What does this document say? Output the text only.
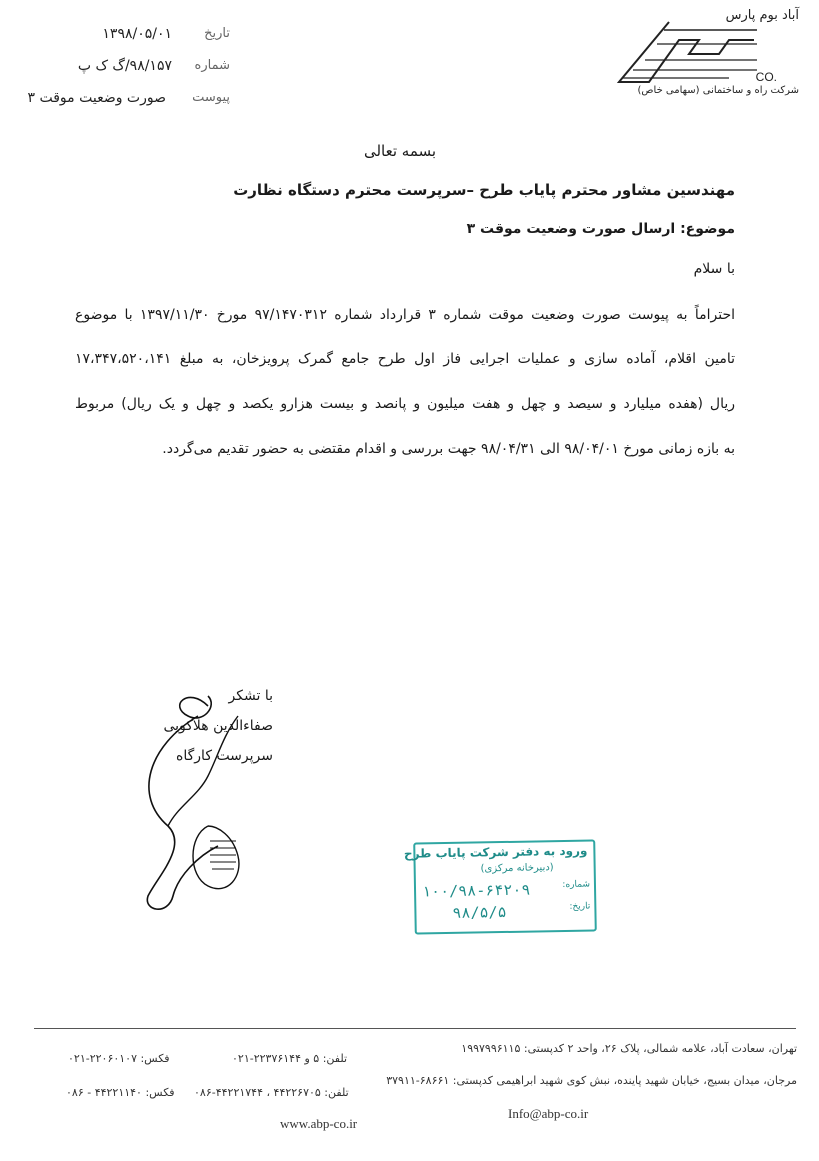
تاریخ
۱۳۹۸/۰۵/۰۱
شماره
۹۸/۱۵۷/گ ک پ
پیوست
صورت وضعیت موقت ۳
آباد بوم پارس
CO.
شرکت راه و ساختمانی (سهامی خاص)
بسمه تعالی
مهندسین مشاور محترم پایاب طرح –سرپرست محترم دستگاه نظارت
موضوع: ارسال صورت وضعیت موقت ۳
با سلام
احتراماً به پیوست صورت وضعیت موقت شماره ۳ قرارداد شماره ۹۷/۱۴۷۰۳۱۲ مورخ ۱۳۹۷/۱۱/۳۰ با موضوع
تامین اقلام، آماده سازی و عملیات اجرایی فاز اول طرح جامع گمرک پرویزخان، به مبلغ ۱۷،۳۴۷،۵۲۰،۱۴۱
ریال (هفده میلیارد و سیصد و چهل و هفت میلیون و پانصد و بیست هزارو یکصد و چهل و یک ریال) مربوط
به بازه زمانی مورخ ۹۸/۰۴/۰۱ الی ۹۸/۰۴/۳۱ جهت بررسی و اقدام مقتضی به حضور تقدیم می‌گردد.
با تشکر
صفاءالدین هلاکویی
سرپرست کارگاه
ورود به دفتر شرکت پایاب طرح
(دبیرخانه مرکزی)
شماره:
۱۰۰/۹۸-۶۴۲۰۹
تاریخ:
۹۸/۵/۵
تهران، سعادت آباد، علامه شمالی، پلاک ۲۶، واحد ۲ کدپستی: ۱۹۹۷۹۹۶۱۱۵
تلفن: ۵ و ۲۲۳۷۶۱۴۴-۰۲۱
فکس: ۲۲۰۶۰۱۰۷-۰۲۱
مرجان، میدان بسیج، خیابان شهید پاینده، نبش کوی شهید ابراهیمی کدپستی: ۶۸۶۶۱-۳۷۹۱۱
تلفن: ۴۴۲۲۶۷۰۵ ، ۴۴۲۲۱۷۴۴-۰۸۶
فکس: ۴۴۲۲۱۱۴۰ - ۰۸۶
Info@abp-co.ir
www.abp-co.ir
